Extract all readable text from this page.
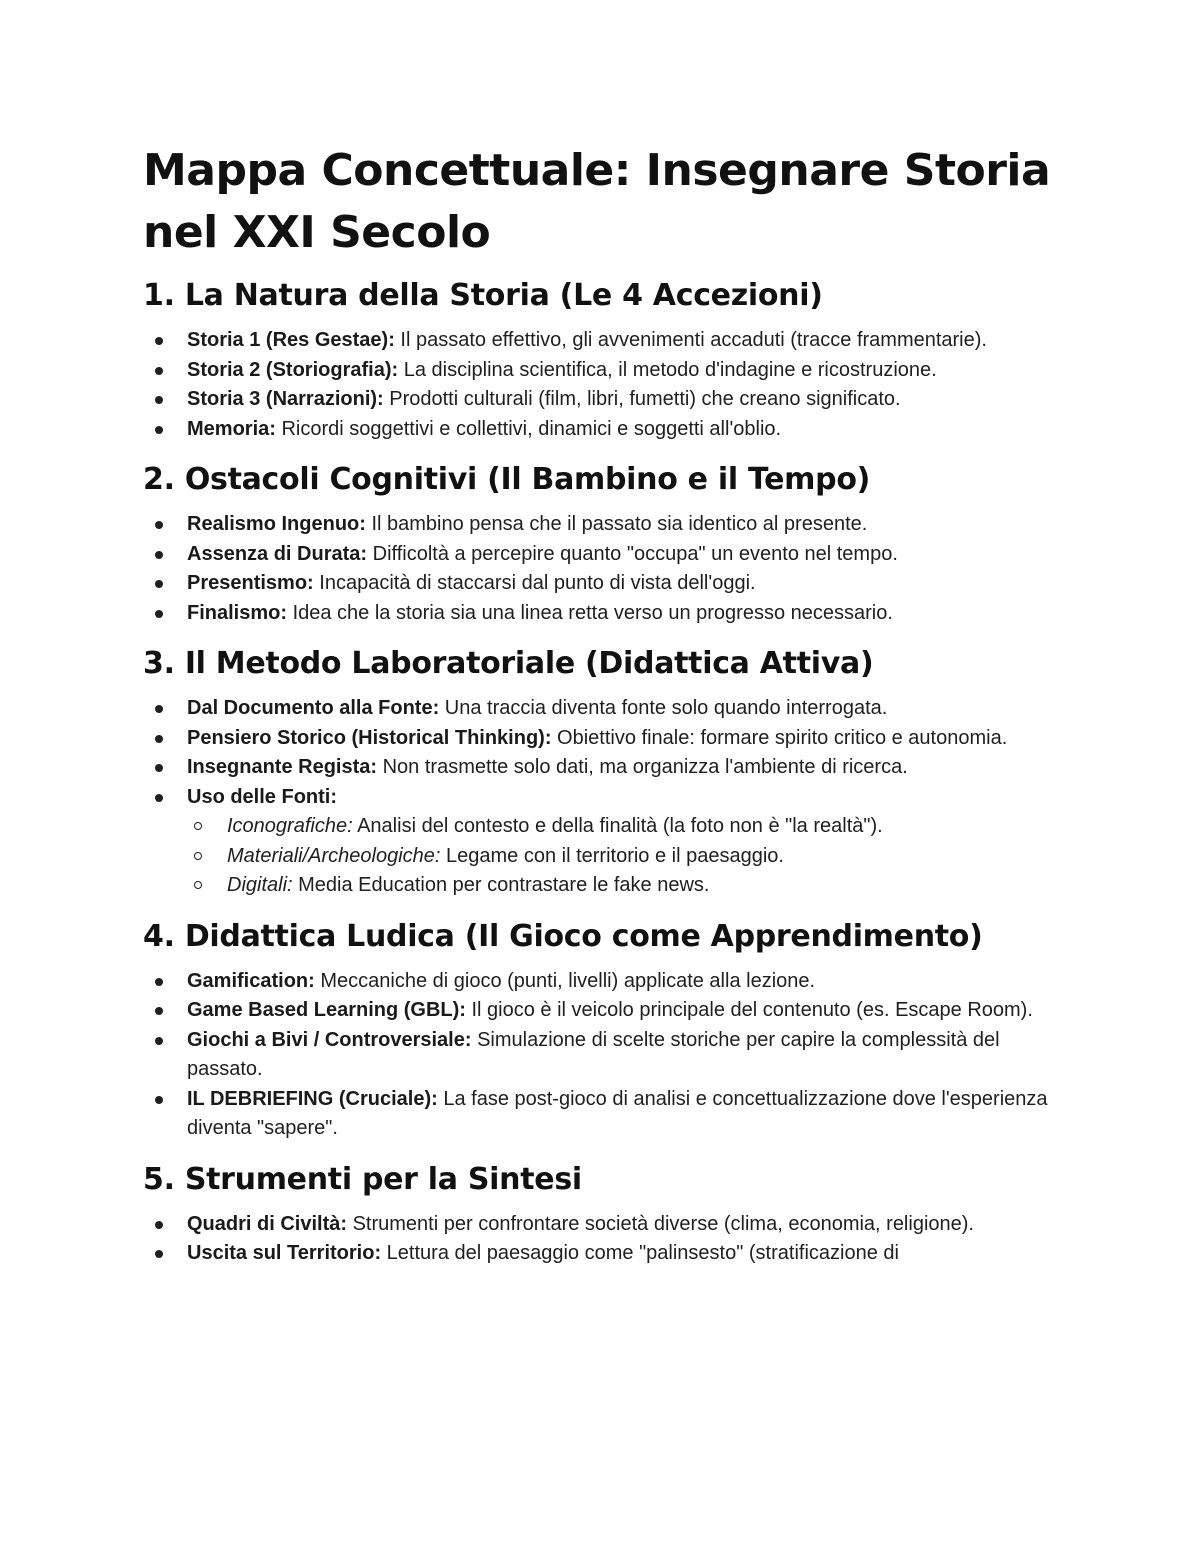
Mappa Concettuale: Insegnare Storia nel XXI Secolo
1. La Natura della Storia (Le 4 Accezioni)
Storia 1 (Res Gestae): Il passato effettivo, gli avvenimenti accaduti (tracce frammentarie).
Storia 2 (Storiografia): La disciplina scientifica, il metodo d'indagine e ricostruzione.
Storia 3 (Narrazioni): Prodotti culturali (film, libri, fumetti) che creano significato.
Memoria: Ricordi soggettivi e collettivi, dinamici e soggetti all'oblio.
2. Ostacoli Cognitivi (Il Bambino e il Tempo)
Realismo Ingenuo: Il bambino pensa che il passato sia identico al presente.
Assenza di Durata: Difficoltà a percepire quanto "occupa" un evento nel tempo.
Presentismo: Incapacità di staccarsi dal punto di vista dell'oggi.
Finalismo: Idea che la storia sia una linea retta verso un progresso necessario.
3. Il Metodo Laboratoriale (Didattica Attiva)
Dal Documento alla Fonte: Una traccia diventa fonte solo quando interrogata.
Pensiero Storico (Historical Thinking): Obiettivo finale: formare spirito critico e autonomia.
Insegnante Regista: Non trasmette solo dati, ma organizza l'ambiente di ricerca.
Uso delle Fonti:
Iconografiche: Analisi del contesto e della finalità (la foto non è "la realtà").
Materiali/Archeologiche: Legame con il territorio e il paesaggio.
Digitali: Media Education per contrastare le fake news.
4. Didattica Ludica (Il Gioco come Apprendimento)
Gamification: Meccaniche di gioco (punti, livelli) applicate alla lezione.
Game Based Learning (GBL): Il gioco è il veicolo principale del contenuto (es. Escape Room).
Giochi a Bivi / Controversiale: Simulazione di scelte storiche per capire la complessità del passato.
IL DEBRIEFING (Cruciale): La fase post-gioco di analisi e concettualizzazione dove l'esperienza diventa "sapere".
5. Strumenti per la Sintesi
Quadri di Civiltà: Strumenti per confrontare società diverse (clima, economia, religione).
Uscita sul Territorio: Lettura del paesaggio come "palinsesto" (stratificazione di
